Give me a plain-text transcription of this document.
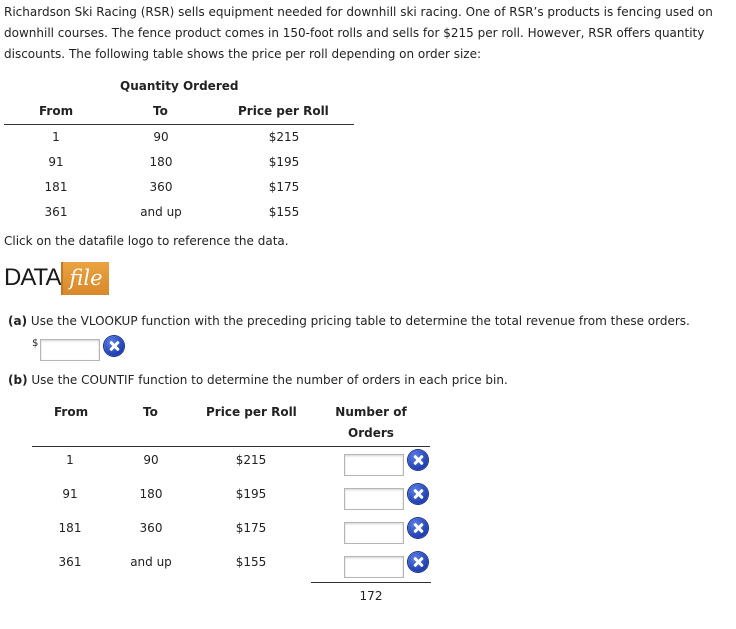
Richardson Ski Racing (RSR) sells equipment needed for downhill ski racing. One of RSR’s products is fencing used on downhill courses. The fence product comes in 150-foot rolls and sells for $215 per roll. However, RSR offers quantity discounts. The following table shows the price per roll depending on order size:

Quantity Ordered
From	To	Price per Roll
1	90	$215
91	180	$195
181	360	$175
361	and up	$155
Click on the datafile logo to reference the data.
DATA file
(a) Use the VLOOKUP function with the preceding pricing table to determine the total revenue from these orders.
$
(b) Use the COUNTIF function to determine the number of orders in each price bin.
From	To	Price per Roll	Number of
Orders
1	90	$215
91	180	$195
181	360	$175
361	and up	$155
172
